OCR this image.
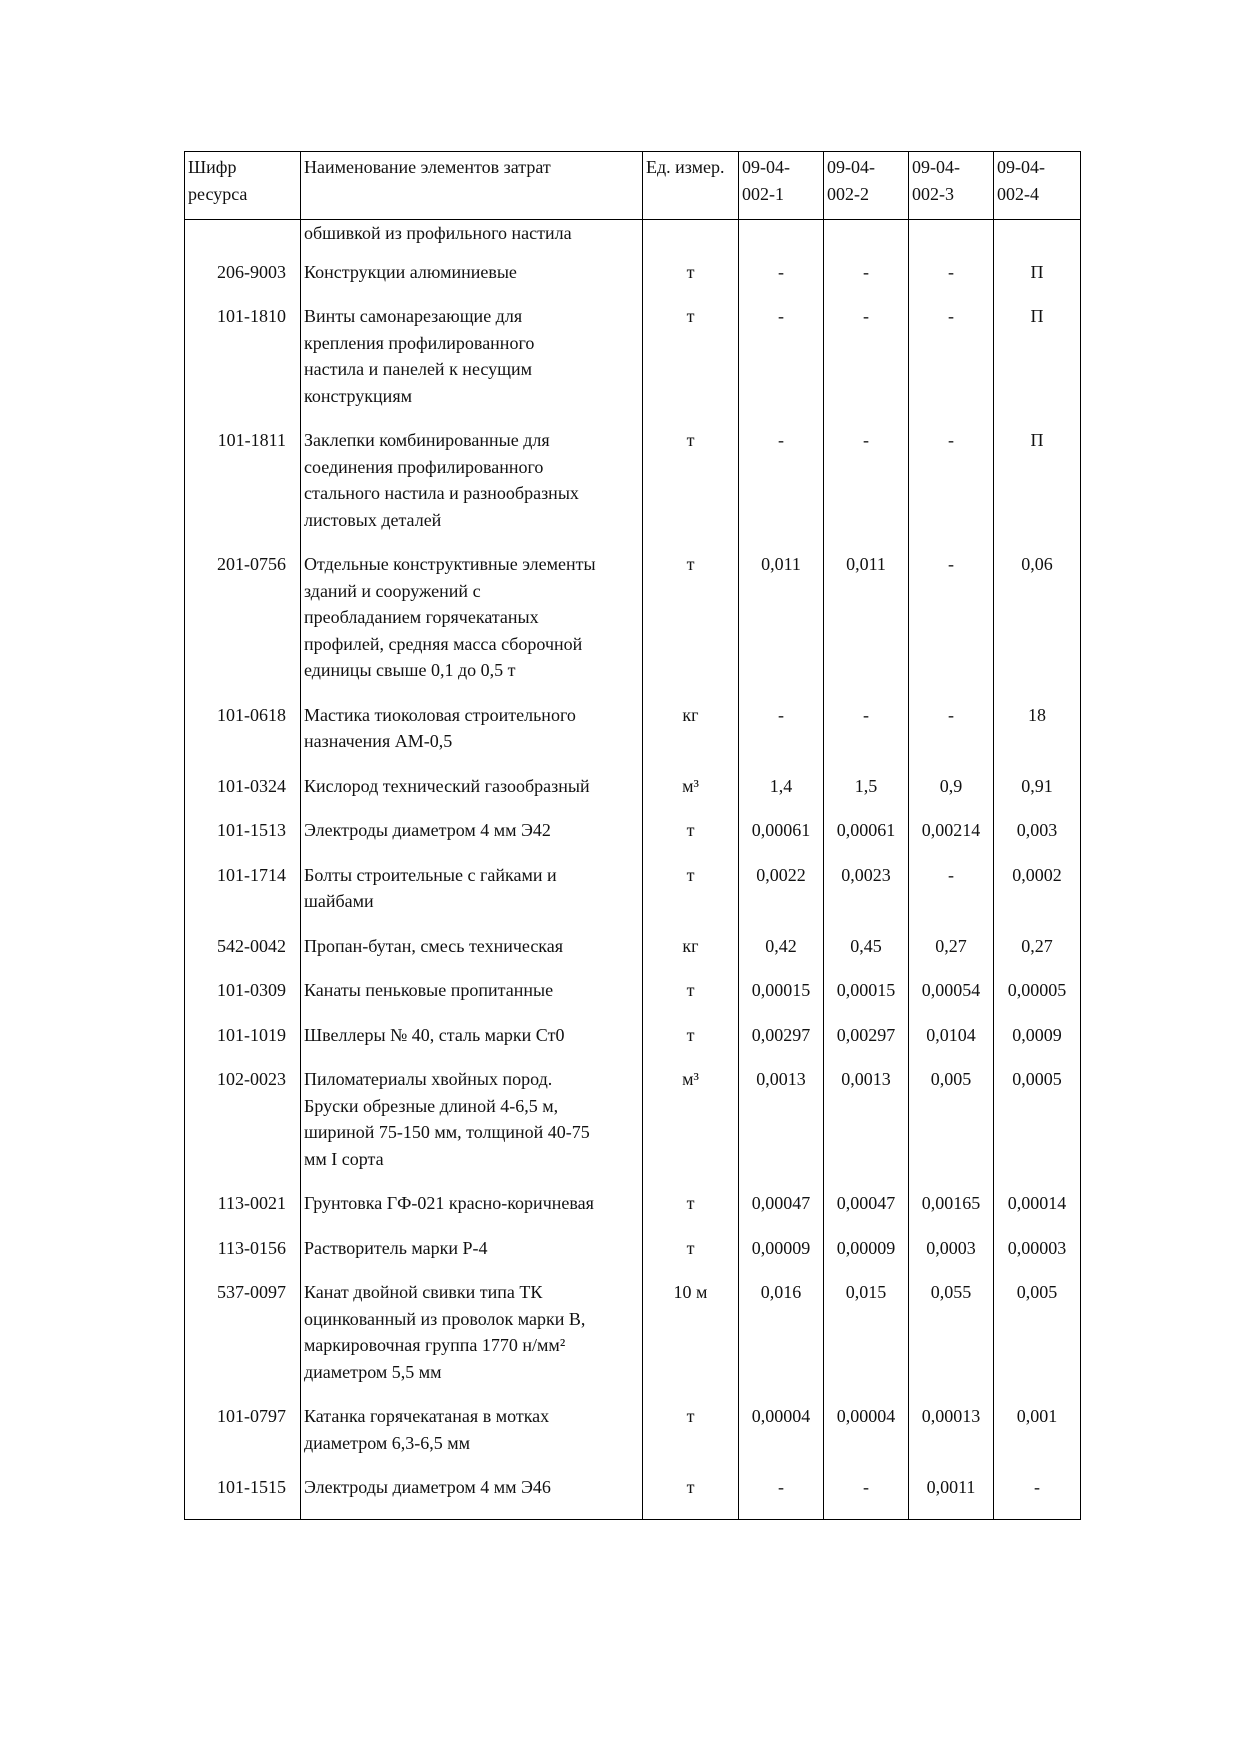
Шифр ресурса	Наименование элементов затрат	Ед. измер.	09-04-002-1	09-04-002-2	09-04-002-3	09-04-002-4
	обшивкой из профильного настила					
206-9003	Конструкции алюминиевые	т	-	-	-	П
101-1810	Винты самонарезающие для
крепления профилированного
настила и панелей к несущим
конструкциям	т	-	-	-	П
101-1811	Заклепки комбинированные для
соединения профилированного
стального настила и разнообразных
листовых деталей	т	-	-	-	П
201-0756	Отдельные конструктивные элементы
зданий и сооружений с
преобладанием горячекатаных
профилей, средняя масса сборочной
единицы свыше 0,1 до 0,5 т	т	0,011	0,011	-	0,06
101-0618	Мастика тиоколовая строительного
назначения АМ-0,5	кг	-	-	-	18
101-0324	Кислород технический газообразный	м³	1,4	1,5	0,9	0,91
101-1513	Электроды диаметром 4 мм Э42	т	0,00061	0,00061	0,00214	0,003
101-1714	Болты строительные с гайками и
шайбами	т	0,0022	0,0023	-	0,0002
542-0042	Пропан-бутан, смесь техническая	кг	0,42	0,45	0,27	0,27
101-0309	Канаты пеньковые пропитанные	т	0,00015	0,00015	0,00054	0,00005
101-1019	Швеллеры № 40, сталь марки Ст0	т	0,00297	0,00297	0,0104	0,0009
102-0023	Пиломатериалы хвойных пород.
Бруски обрезные длиной 4-6,5 м,
шириной 75-150 мм, толщиной 40-75
мм I сорта	м³	0,0013	0,0013	0,005	0,0005
113-0021	Грунтовка ГФ-021 красно-коричневая	т	0,00047	0,00047	0,00165	0,00014
113-0156	Растворитель марки Р-4	т	0,00009	0,00009	0,0003	0,00003
537-0097	Канат двойной свивки типа ТК
оцинкованный из проволок марки В,
маркировочная группа 1770 н/мм²
диаметром 5,5 мм	10 м	0,016	0,015	0,055	0,005
101-0797	Катанка горячекатаная в мотках
диаметром 6,3-6,5 мм	т	0,00004	0,00004	0,00013	0,001
101-1515	Электроды диаметром 4 мм Э46	т	-	-	0,0011	-
